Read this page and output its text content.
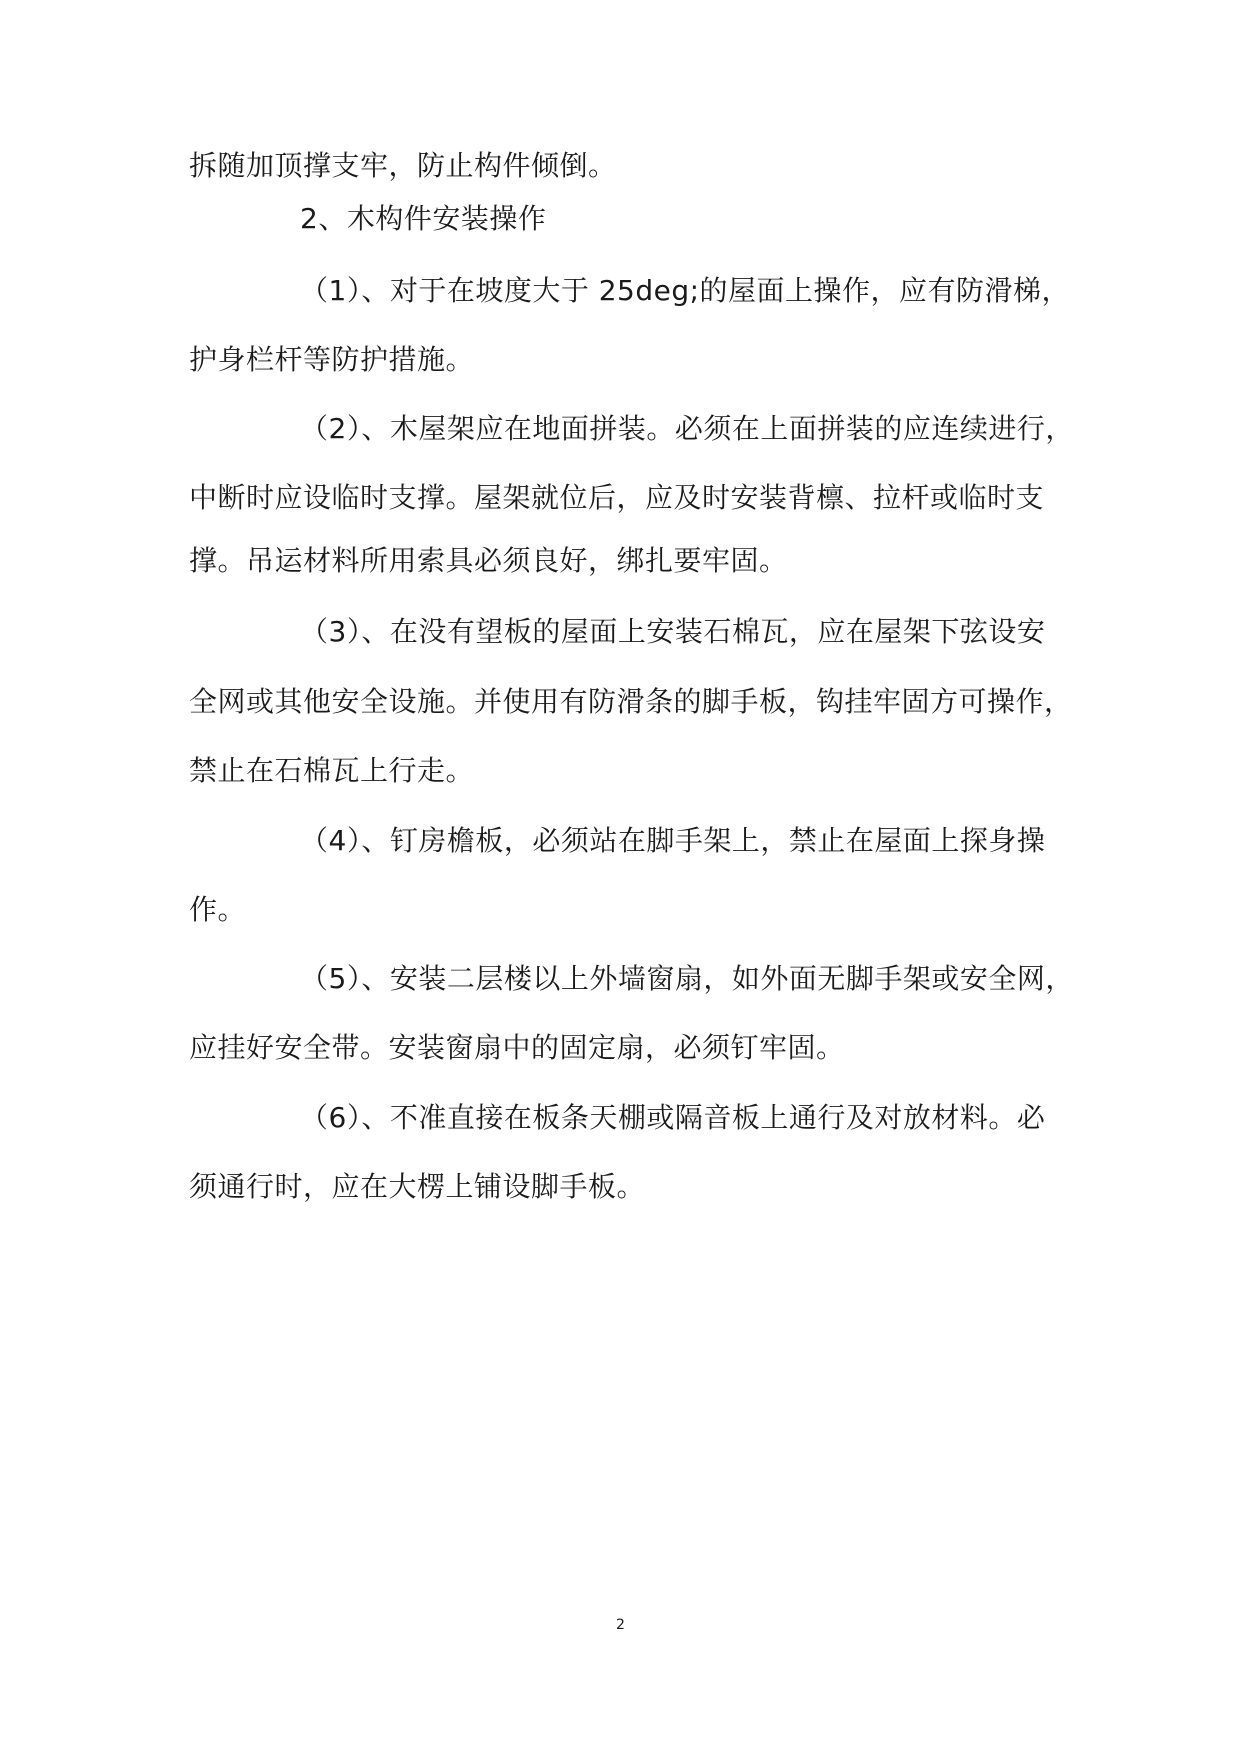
拆随加顶撑支牢，防止构件倾倒。
2、木构件安装操作
（1）、对于在坡度大于 25deg;的屋面上操作，应有防滑梯，
护身栏杆等防护措施。
（2）、木屋架应在地面拼装。必须在上面拼装的应连续进行，
中断时应设临时支撑。屋架就位后，应及时安装背檩、拉杆或临时支
撑。吊运材料所用索具必须良好，绑扎要牢固。
（3）、在没有望板的屋面上安装石棉瓦，应在屋架下弦设安
全网或其他安全设施。并使用有防滑条的脚手板，钩挂牢固方可操作，
禁止在石棉瓦上行走。
（4）、钉房檐板，必须站在脚手架上，禁止在屋面上探身操
作。
（5）、安装二层楼以上外墙窗扇，如外面无脚手架或安全网，
应挂好安全带。安装窗扇中的固定扇，必须钉牢固。
（6）、不准直接在板条天棚或隔音板上通行及对放材料。必
须通行时，应在大楞上铺设脚手板。
2
